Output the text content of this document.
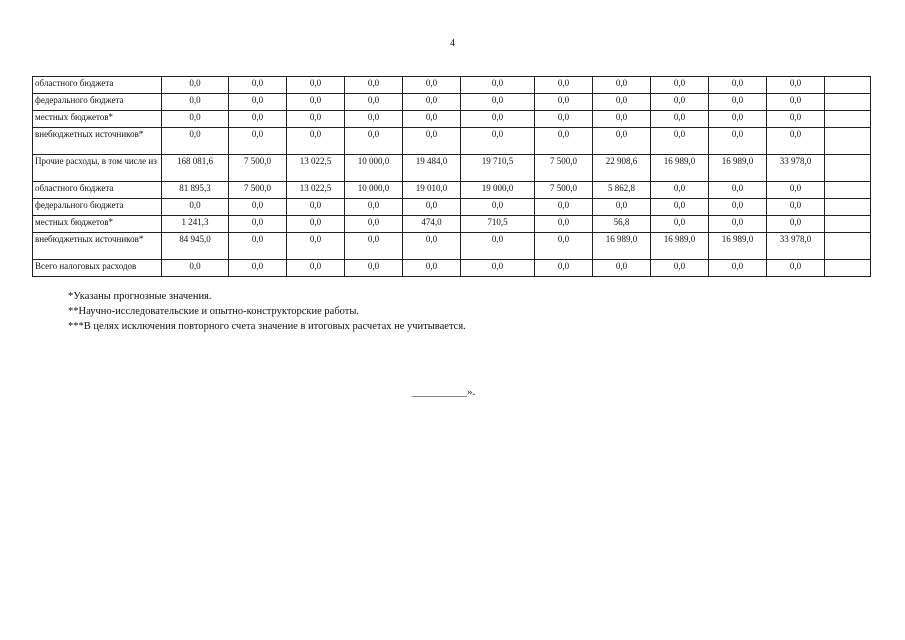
4
областного бюджета	0,0	0,0	0,0	0,0	0,0	0,0	0,0	0,0	0,0	0,0	0,0	
федерального бюджета	0,0	0,0	0,0	0,0	0,0	0,0	0,0	0,0	0,0	0,0	0,0	
местных бюджетов*	0,0	0,0	0,0	0,0	0,0	0,0	0,0	0,0	0,0	0,0	0,0	
внебюджетных источников*	0,0	0,0	0,0	0,0	0,0	0,0	0,0	0,0	0,0	0,0	0,0	
Прочие расходы, в том числе из	168 081,6	7 500,0	13 022,5	10 000,0	19 484,0	19 710,5	7 500,0	22 908,6	16 989,0	16 989,0	33 978,0	
областного бюджета	81 895,3	7 500,0	13 022,5	10 000,0	19 010,0	19 000,0	7 500,0	5 862,8	0,0	0,0	0,0	
федерального бюджета	0,0	0,0	0,0	0,0	0,0	0,0	0,0	0,0	0,0	0,0	0,0	
местных бюджетов*	1 241,3	0,0	0,0	0,0	474,0	710,5	0,0	56,8	0,0	0,0	0,0	
внебюджетных источников*	84 945,0	0,0	0,0	0,0	0,0	0,0	0,0	16 989,0	16 989,0	16 989,0	33 978,0	
Всего налоговых расходов	0,0	0,0	0,0	0,0	0,0	0,0	0,0	0,0	0,0	0,0	0,0	
*Указаны прогнозные значения.
**Научно-исследовательские и опытно-конструкторские работы.
***В целях исключения повторного счета значение в итоговых расчетах не учитывается.
__________».
